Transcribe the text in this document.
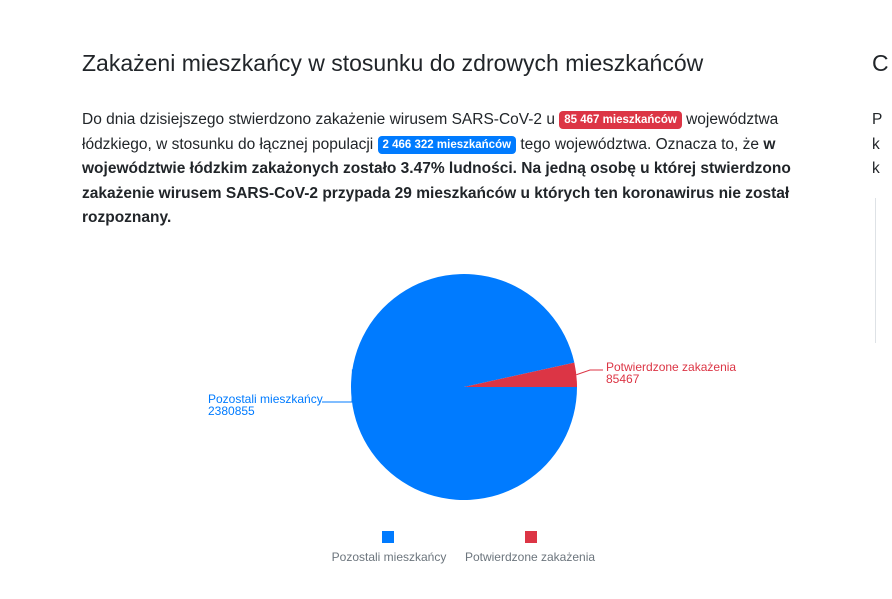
Zakażeni mieszkańcy w stosunku do zdrowych mieszkańców
Do dnia dzisiejszego stwierdzono zakażenie wirusem SARS-CoV-2 u 85 467 mieszkańców województwa łódzkiego, w stosunku do łącznej populacji 2 466 322 mieszkańców tego województwa. Oznacza to, że w województwie łódzkim zakażonych zostało 3.47% ludności. Na jedną osobę u której stwierdzono zakażenie wirusem SARS-CoV-2 przypada 29 mieszkańców u których ten koronawirus nie został rozpoznany.
C
P
k
k
Pozostali mieszkańcy
2380855
Potwierdzone zakażenia
85467
Pozostali mieszkańcy Potwierdzone zakażenia
